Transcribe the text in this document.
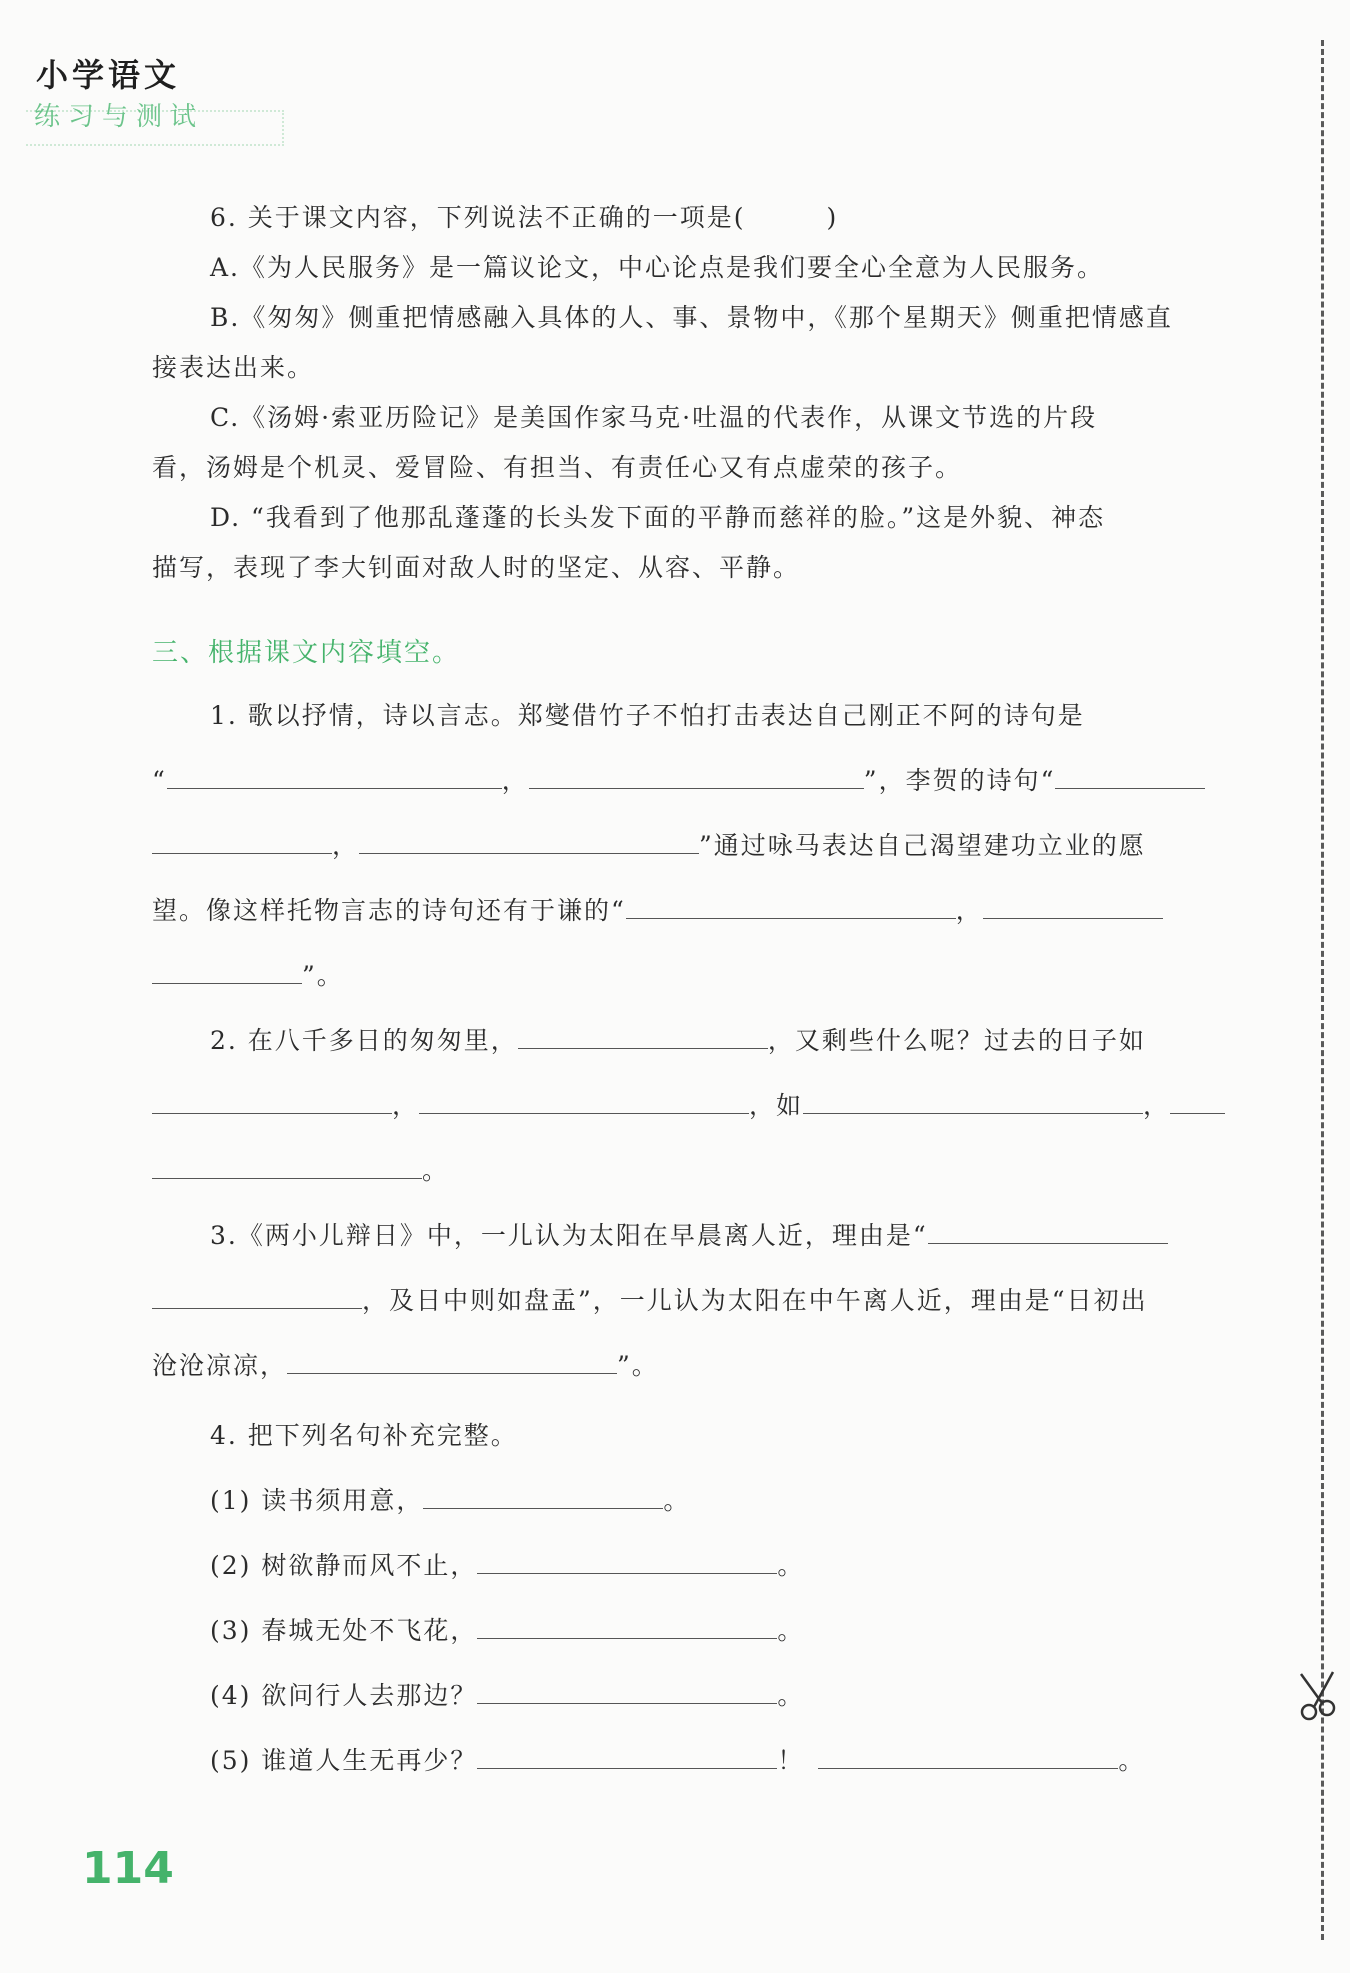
小学语文
练习与测试
6. 关于课文内容，下列说法不正确的一项是(　　　)
A.《为人民服务》是一篇议论文，中心论点是我们要全心全意为人民服务。
B.《匆匆》侧重把情感融入具体的人、事、景物中，《那个星期天》侧重把情感直
接表达出来。
C.《汤姆·索亚历险记》是美国作家马克·吐温的代表作，从课文节选的片段
看，汤姆是个机灵、爱冒险、有担当、有责任心又有点虚荣的孩子。
D. “我看到了他那乱蓬蓬的长头发下面的平静而慈祥的脸。”这是外貌、神态
描写，表现了李大钊面对敌人时的坚定、从容、平静。
三、根据课文内容填空。
1. 歌以抒情，诗以言志。郑燮借竹子不怕打击表达自己刚正不阿的诗句是
“	，	”，李贺的诗句“
，	”通过咏马表达自己渴望建功立业的愿
望。像这样托物言志的诗句还有于谦的“	，
”。
2. 在八千多日的匆匆里，	，又剩些什么呢？过去的日子如
，	，如	，
。
3.《两小儿辩日》中，一儿认为太阳在早晨离人近，理由是“
，及日中则如盘盂”，一儿认为太阳在中午离人近，理由是“日初出
沧沧凉凉，	”。
4. 把下列名句补充完整。
(1) 读书须用意，	。
(2) 树欲静而风不止，	。
(3) 春城无处不飞花，	。
(4) 欲问行人去那边？	。
(5) 谁道人生无再少？	！	。
114
